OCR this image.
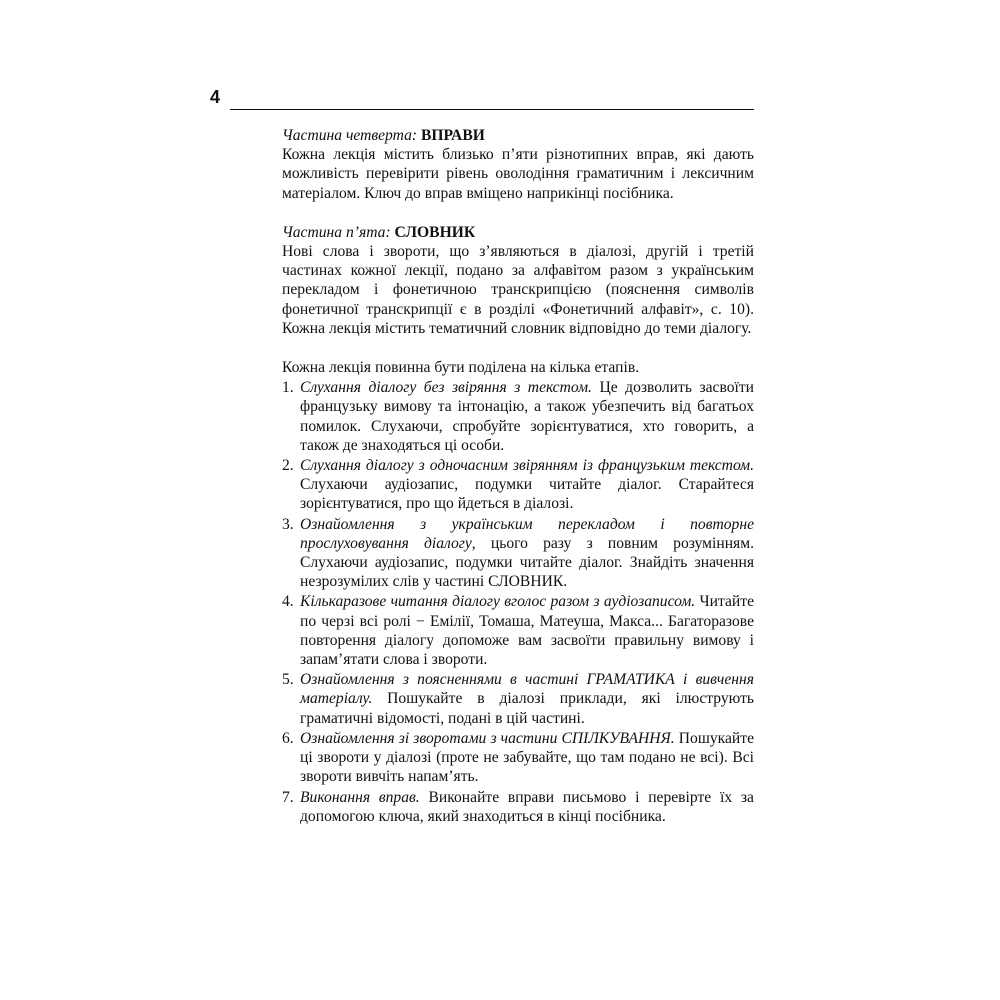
4

Частина четверта: ВПРАВИ

Кожна лекція містить близько п’яти різнотипних вправ, які дають можливість перевірити рівень оволодіння граматичним і лексичним матеріалом. Ключ до вправ вміщено наприкінці посібника.

Частина п’ята: СЛОВНИК

Нові слова і звороти, що з’являються в діалозі, другій і третій частинах кожної лекції, подано за алфавітом разом з українським перекладом і фонетичною транскрипцією (пояснення символів фонетичної транскрипції є в розділі «Фонетичний алфавіт», с. 10). Кожна лекція містить тематичний словник відповідно до теми діалогу.

Кожна лекція повинна бути поділена на кілька етапів.

1. Слухання діалогу без звіряння з текстом. Це дозволить засвоїти французьку вимову та інтонацію, а також убезпечить від багатьох помилок. Слухаючи, спробуйте зорієнтуватися, хто говорить, а також де знаходяться ці особи.
2. Слухання діалогу з одночасним звірянням із французьким текстом. Слухаючи аудіозапис, подумки читайте діалог. Старайтеся зорієнтуватися, про що йдеться в діалозі.
3. Ознайомлення з українським перекладом і повторне прослуховування діалогу, цього разу з повним розумінням. Слухаючи аудіозапис, подумки читайте діалог. Знайдіть значення незрозумілих слів у частині СЛОВНИК.
4. Кількаразове читання діалогу вголос разом з аудіозаписом. Читайте по черзі всі ролі − Емілії, Томаша, Матеуша, Макса... Багаторазове повторення діалогу допоможе вам засвоїти правильну вимову і запам’ятати слова і звороти.
5. Ознайомлення з поясненнями в частині ГРАМАТИКА і вивчення матеріалу. Пошукайте в діалозі приклади, які ілюструють граматичні відомості, подані в цій частині.
6. Ознайомлення зі зворотами з частини СПІЛКУВАННЯ. Пошукайте ці звороти у діалозі (проте не забувайте, що там подано не всі). Всі звороти вивчіть напам’ять.
7. Виконання вправ. Виконайте вправи письмово і перевірте їх за допомогою ключа, який знаходиться в кінці посібника.
